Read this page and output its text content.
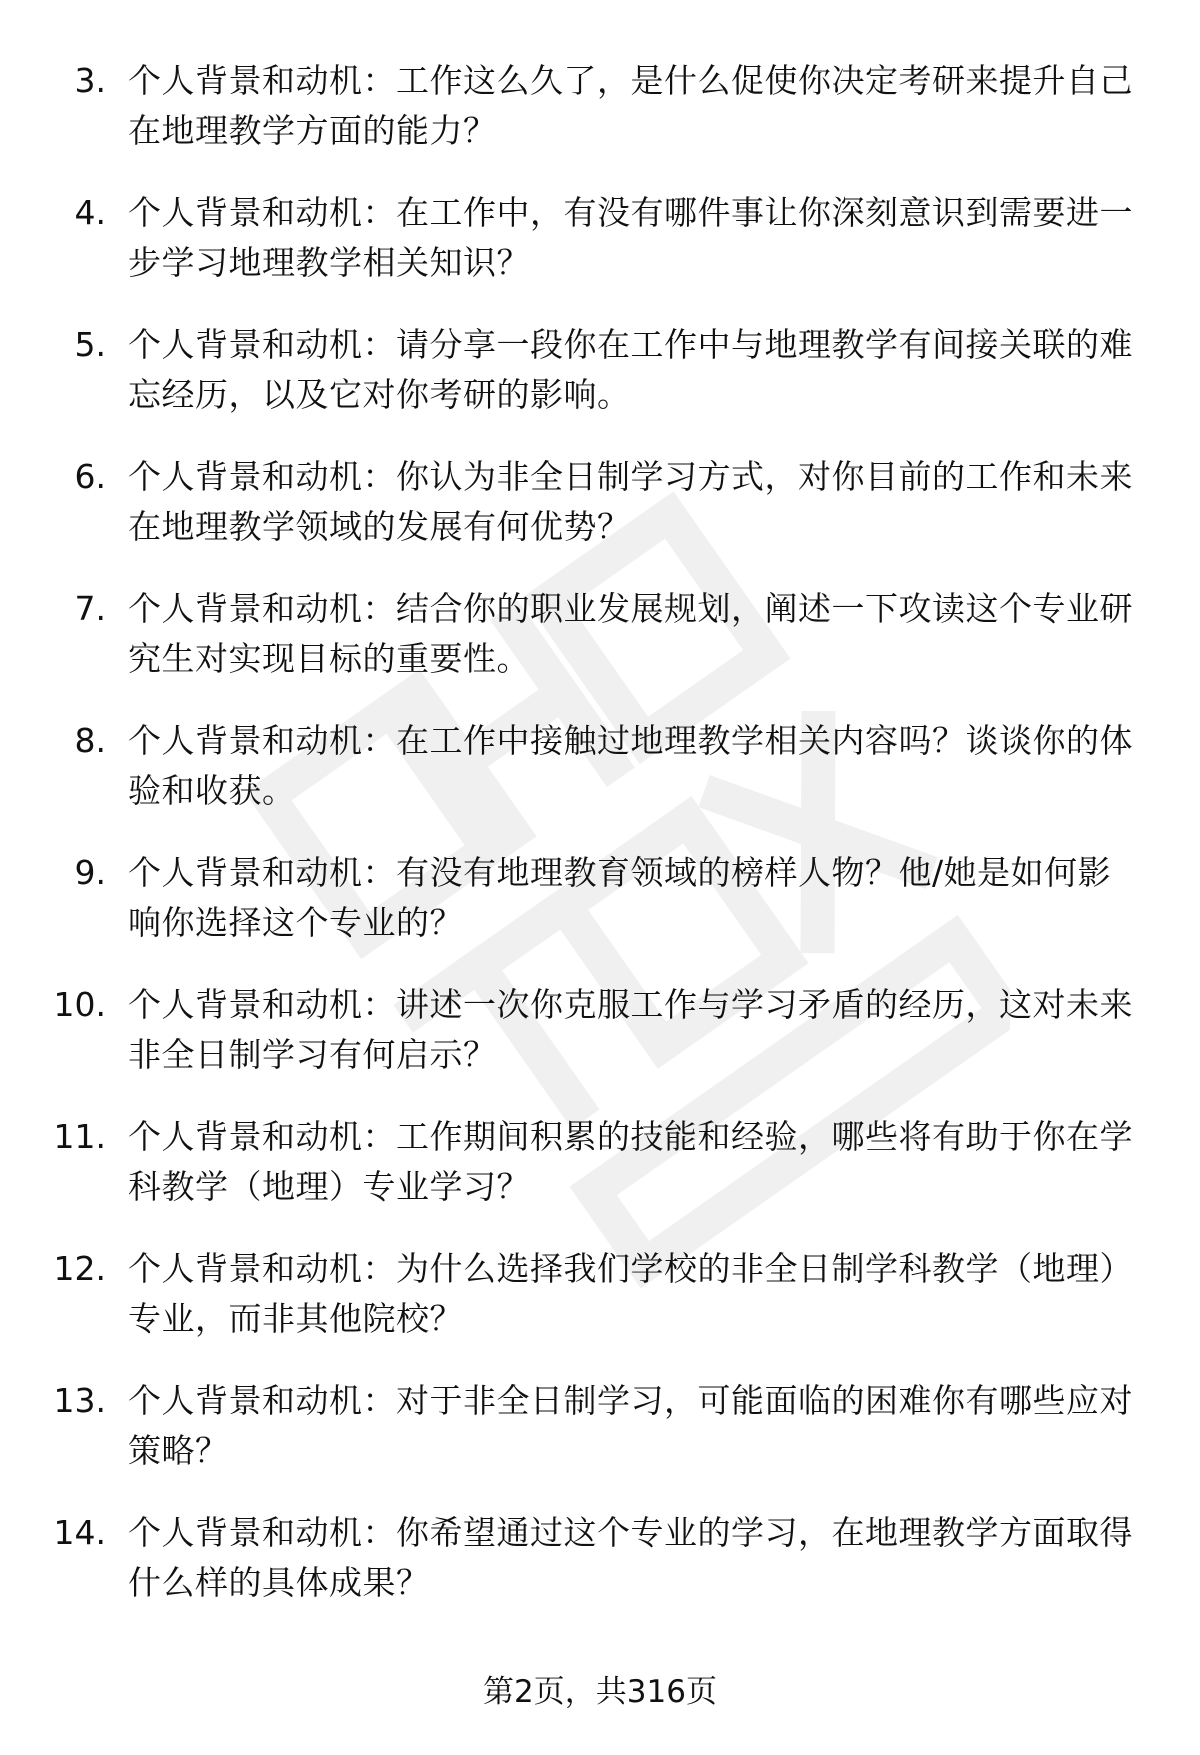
3. 个人背景和动机：工作这么久了，是什么促使你决定考研来提升自己在地理教学方面的能力？
4. 个人背景和动机：在工作中，有没有哪件事让你深刻意识到需要进一步学习地理教学相关知识？
5. 个人背景和动机：请分享一段你在工作中与地理教学有间接关联的难忘经历，以及它对你考研的影响。
6. 个人背景和动机：你认为非全日制学习方式，对你目前的工作和未来在地理教学领域的发展有何优势？
7. 个人背景和动机：结合你的职业发展规划，阐述一下攻读这个专业研究生对实现目标的重要性。
8. 个人背景和动机：在工作中接触过地理教学相关内容吗？谈谈你的体验和收获。
9. 个人背景和动机：有没有地理教育领域的榜样人物？他/她是如何影响你选择这个专业的？
10. 个人背景和动机：讲述一次你克服工作与学习矛盾的经历，这对未来非全日制学习有何启示？
11. 个人背景和动机：工作期间积累的技能和经验，哪些将有助于你在学科教学（地理）专业学习？
12. 个人背景和动机：为什么选择我们学校的非全日制学科教学（地理）专业，而非其他院校？
13. 个人背景和动机：对于非全日制学习，可能面临的困难你有哪些应对策略？
14. 个人背景和动机：你希望通过这个专业的学习，在地理教学方面取得什么样的具体成果？
第2页，共316页
